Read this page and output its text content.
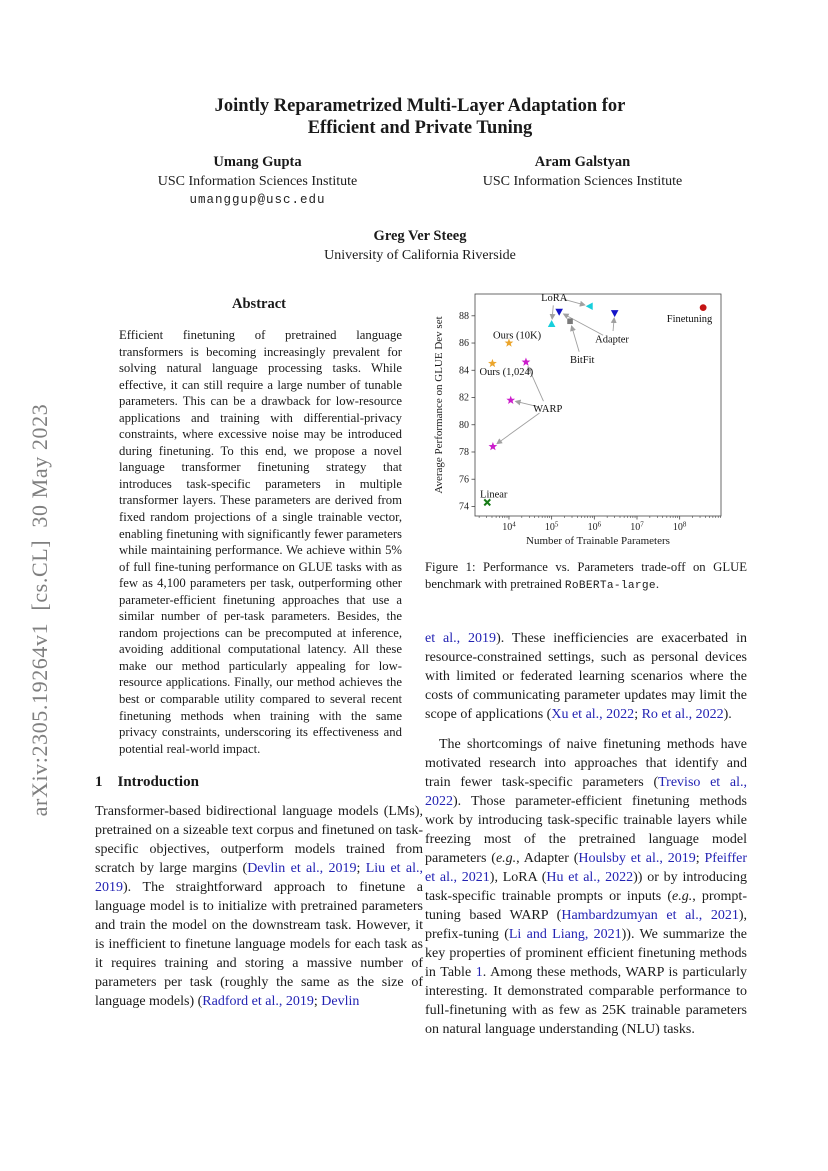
arXiv:2305.19264v1  [cs.CL]  30 May 2023
Jointly Reparametrized Multi-Layer Adaptation for
Efficient and Private Tuning
Umang Gupta
USC Information Sciences Institute
umanggup@usc.edu
Aram Galstyan
USC Information Sciences Institute
Greg Ver Steeg
University of California Riverside
Abstract

Efficient finetuning of pretrained language transformers is becoming increasingly prevalent for solving natural language processing tasks. While effective, it can still require a large number of tunable parameters. This can be a drawback for low-resource applications and training with differential-privacy constraints, where excessive noise may be introduced during finetuning. To this end, we propose a novel language transformer finetuning strategy that introduces task-specific parameters in multiple transformer layers. These parameters are derived from fixed random projections of a single trainable vector, enabling finetuning with significantly fewer parameters while maintaining performance. We achieve within 5% of full fine-tuning performance on GLUE tasks with as few as 4,100 parameters per task, outperforming other parameter-efficient finetuning approaches that use a similar number of per-task parameters. Besides, the random projections can be precomputed at inference, avoiding additional computational latency. All these make our method particularly appealing for low-resource applications. Finally, our method achieves the best or comparable utility compared to several recent finetuning methods when training with the same privacy constraints, underscoring its effectiveness and potential real-world impact.

1 Introduction

Transformer-based bidirectional language models (LMs), pretrained on a sizeable text corpus and finetuned on task-specific objectives, outperform models trained from scratch by large margins (Devlin et al., 2019; Liu et al., 2019). The straightforward approach to finetune a language model is to initialize with pretrained parameters and train the model on the downstream task. However, it is inefficient to finetune language models for each task as it requires training and storing a massive number of parameters per task (roughly the same as the size of language models) (Radford et al., 2019; Devlin

$10^4$	$10^5$	$10^6$	$10^7$	$10^8$
74
76
78
80
82
84
86
88
Number of Trainable Parameters
Average Performance on GLUE Dev set
LoRA
Finetuning
Adapter
BitFit
Ours (10K)
Ours (1,024)
WARP
Linear
Figure 1: Performance vs. Parameters trade-off on GLUE benchmark with pretrained RoBERTa-large.

et al., 2019). These inefficiencies are exacerbated in resource-constrained settings, such as personal devices with limited or federated learning scenarios where the costs of communicating parameter updates may limit the scope of applications (Xu et al., 2022; Ro et al., 2022).

The shortcomings of naive finetuning methods have motivated research into approaches that identify and train fewer task-specific parameters (Treviso et al., 2022). Those parameter-efficient finetuning methods work by introducing task-specific trainable layers while freezing most of the pretrained language model parameters (e.g., Adapter (Houlsby et al., 2019; Pfeiffer et al., 2021), LoRA (Hu et al., 2022)) or by introducing task-specific trainable prompts or inputs (e.g., prompt-tuning based WARP (Hambardzumyan et al., 2021), prefix-tuning (Li and Liang, 2021)). We summarize the key properties of prominent efficient finetuning methods in Table 1. Among these methods, WARP is particularly interesting. It demonstrated comparable performance to full-finetuning with as few as 25K trainable parameters on natural language understanding (NLU) tasks.
